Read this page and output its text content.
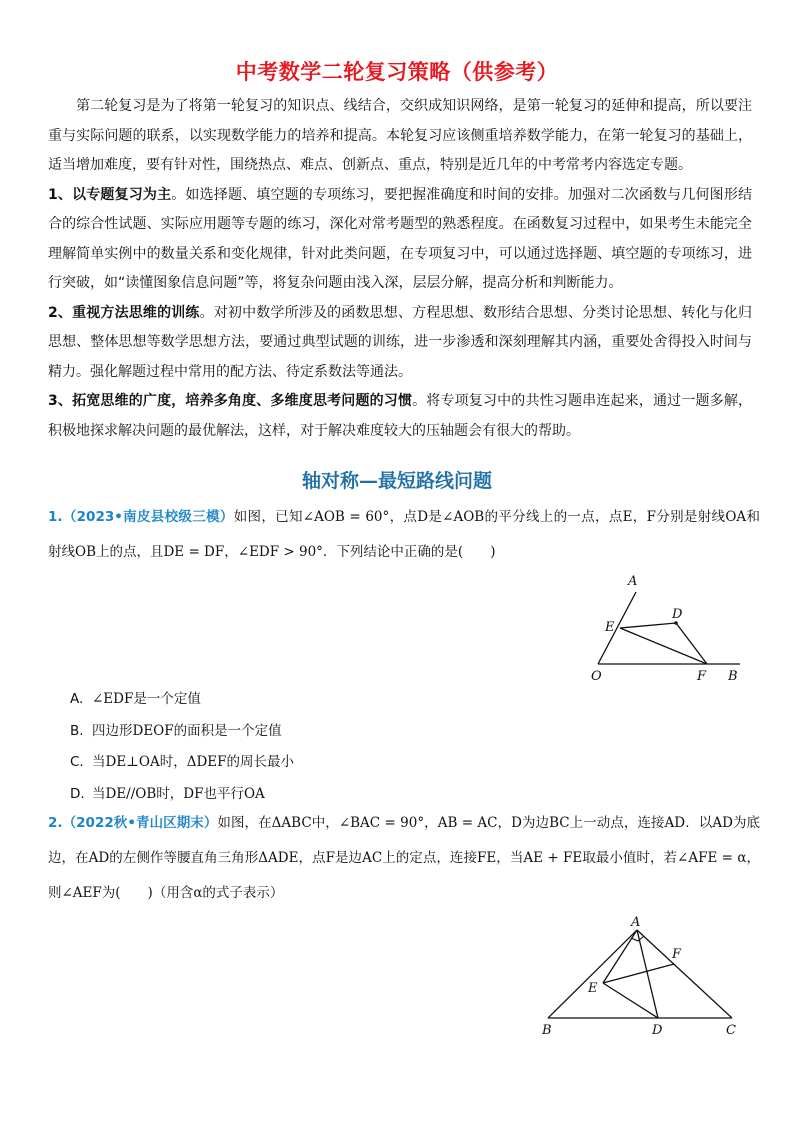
中考数学二轮复习策略（供参考）

第二轮复习是为了将第一轮复习的知识点、线结合，交织成知识网络，是第一轮复习的延伸和提高，所以要注重与实际问题的联系，以实现数学能力的培养和提高。本轮复习应该侧重培养数学能力，在第一轮复习的基础上，适当增加难度，要有针对性，围绕热点、难点、创新点、重点，特别是近几年的中考常考内容选定专题。

1、以专题复习为主。如选择题、填空题的专项练习，要把握准确度和时间的安排。加强对二次函数与几何图形结合的综合性试题、实际应用题等专题的练习，深化对常考题型的熟悉程度。在函数复习过程中，如果考生未能完全理解简单实例中的数量关系和变化规律，针对此类问题，在专项复习中，可以通过选择题、填空题的专项练习，进行突破，如“读懂图象信息问题”等，将复杂问题由浅入深，层层分解，提高分析和判断能力。

2、重视方法思维的训练。对初中数学所涉及的函数思想、方程思想、数形结合思想、分类讨论思想、转化与化归思想、整体思想等数学思想方法，要通过典型试题的训练，进一步渗透和深刻理解其内涵，重要处舍得投入时间与精力。强化解题过程中常用的配方法、待定系数法等通法。

3、拓宽思维的广度，培养多角度、多维度思考问题的习惯。将专项复习中的共性习题串连起来，通过一题多解，积极地探求解决问题的最优解法，这样，对于解决难度较大的压轴题会有很大的帮助。

轴对称—最短路线问题

1.（2023•南皮县校级三模）如图，已知∠AOB = 60°，点D是∠AOB的平分线上的一点，点E，F分别是射线OA和射线OB上的点，且DE = DF，∠EDF > 90°．下列结论中正确的是(　　)

A
D
E
O	F B
A. ∠EDF是一个定值
B. 四边形DEOF的面积是一个定值
C. 当DE⊥OA时，ΔDEF的周长最小
D. 当DE//OB时，DF也平行OA

2.（2022秋•青山区期末）如图，在ΔABC中，∠BAC = 90°，AB = AC，D为边BC上一动点，连接AD．以AD为底边，在AD的左侧作等腰直角三角形ΔADE，点F是边AC上的定点，连接FE，当AE + FE取最小值时，若∠AFE = α，则∠AEF为(　　)（用含α的式子表示）

A
F
E
B	D	C
